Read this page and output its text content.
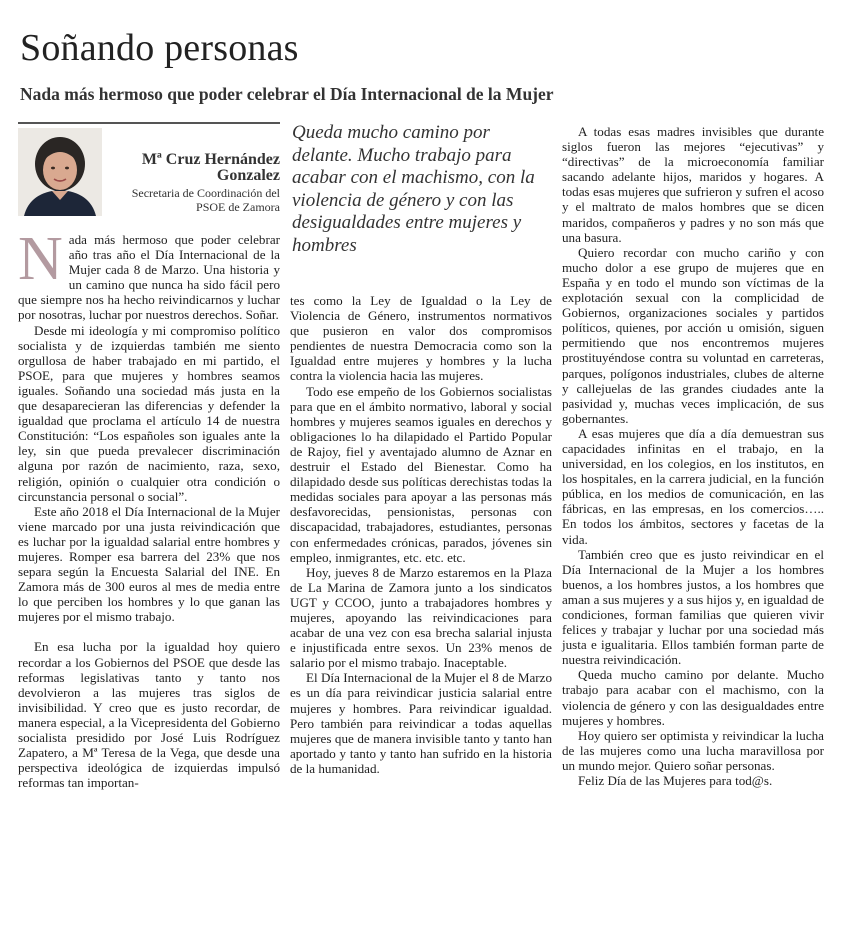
Soñando personas
Nada más hermoso que poder celebrar el Día Internacional de la Mujer
Mª Cruz Hernández Gonzalez
Secretaria de Coordinación del PSOE de Zamora

Nada más hermoso que poder celebrar año tras año el Día Internacional de la Mujer cada 8 de Marzo. Una historia y un camino que nunca ha sido fácil pero que siempre nos ha hecho reivindicarnos y luchar por nosotras, luchar por nuestros derechos. Soñar.

Desde mi ideología y mi compromiso político socialista y de izquierdas también me siento orgullosa de haber trabajado en mi partido, el PSOE, para que mujeres y hombres seamos iguales. Soñando una sociedad más justa en la que desaparecieran las diferencias y defender la igualdad que proclama el artículo 14 de nuestra Constitución: “Los españoles son iguales ante la ley, sin que pueda prevalecer discriminación alguna por razón de nacimiento, raza, sexo, religión, opinión o cualquier otra condición o circunstancia personal o social”.

Este año 2018 el Día Internacional de la Mujer viene marcado por una justa reivindicación que es luchar por la igualdad salarial entre hombres y mujeres. Romper esa barrera del 23% que nos separa según la Encuesta Salarial del INE. En Zamora más de 300 euros al mes de media entre lo que perciben los hombres y lo que ganan las mujeres por el mismo trabajo.

En esa lucha por la igualdad hoy quiero recordar a los Gobiernos del PSOE que desde las reformas legislativas tanto y tanto nos devolvieron a las mujeres tras siglos de invisibilidad. Y creo que es justo recordar, de manera especial, a la Vicepresidenta del Gobierno socialista presidido por José Luis Rodríguez Zapatero, a Mª Teresa de la Vega, que desde una perspectiva ideológica de izquierdas impulsó reformas tan importan-

Queda mucho camino por delante. Mucho trabajo para acabar con el machismo, con la violencia de género y con las desigualdades entre mujeres y hombres

tes como la Ley de Igualdad o la Ley de Violencia de Género, instrumentos normativos que pusieron en valor dos compromisos pendientes de nuestra Democracia como son la Igualdad entre mujeres y hombres y la lucha contra la violencia hacia las mujeres.

Todo ese empeño de los Gobiernos socialistas para que en el ámbito normativo, laboral y social hombres y mujeres seamos iguales en derechos y obligaciones lo ha dilapidado el Partido Popular de Rajoy, fiel y aventajado alumno de Aznar en destruir el Estado del Bienestar. Como ha dilapidado desde sus políticas derechistas todas la medidas sociales para apoyar a las personas más desfavorecidas, pensionistas, personas con discapacidad, trabajadores, estudiantes, personas con enfermedades crónicas, parados, jóvenes sin empleo, inmigrantes, etc. etc. etc.

Hoy, jueves 8 de Marzo estaremos en la Plaza de La Marina de Zamora junto a los sindicatos UGT y CCOO, junto a trabajadores hombres y mujeres, apoyando las reivindicaciones para acabar de una vez con esa brecha salarial injusta e injustificada entre sexos. Un 23% menos de salario por el mismo trabajo. Inaceptable.

El Día Internacional de la Mujer el 8 de Marzo es un día para reivindicar justicia salarial entre mujeres y hombres. Para reivindicar igualdad. Pero también para reivindicar a todas aquellas mujeres que de manera invisible tanto y tanto han aportado y tanto y tanto han sufrido en la historia de la humanidad.

A todas esas madres invisibles que durante siglos fueron las mejores “ejecutivas” y “directivas” de la microeconomía familiar sacando adelante hijos, maridos y hogares. A todas esas mujeres que sufrieron y sufren el acoso y el maltrato de malos hombres que se dicen maridos, compañeros y padres y no son más que una basura.

Quiero recordar con mucho cariño y con mucho dolor a ese grupo de mujeres que en España y en todo el mundo son víctimas de la explotación sexual con la complicidad de Gobiernos, organizaciones sociales y partidos políticos, quienes, por acción u omisión, siguen permitiendo que nos encontremos mujeres prostituyéndose contra su voluntad en carreteras, parques, polígonos industriales, clubes de alterne y callejuelas de las grandes ciudades ante la pasividad y, muchas veces implicación, de sus gobernantes.

A esas mujeres que día a día demuestran sus capacidades infinitas en el trabajo, en la universidad, en los colegios, en los institutos, en los hospitales, en la carrera judicial, en la función pública, en los medios de comunicación, en las fábricas, en las empresas, en los comercios….. En todos los ámbitos, sectores y facetas de la vida.

También creo que es justo reivindicar en el Día Internacional de la Mujer a los hombres buenos, a los hombres justos, a los hombres que aman a sus mujeres y a sus hijos y, en igualdad de condiciones, forman familias que quieren vivir felices y trabajar y luchar por una sociedad más justa e igualitaria. Ellos también forman parte de nuestra reivindicación.

Queda mucho camino por delante. Mucho trabajo para acabar con el machismo, con la violencia de género y con las desigualdades entre mujeres y hombres.

Hoy quiero ser optimista y reivindicar la lucha de las mujeres como una lucha maravillosa por un mundo mejor. Quiero soñar personas.

Feliz Día de las Mujeres para tod@s.
